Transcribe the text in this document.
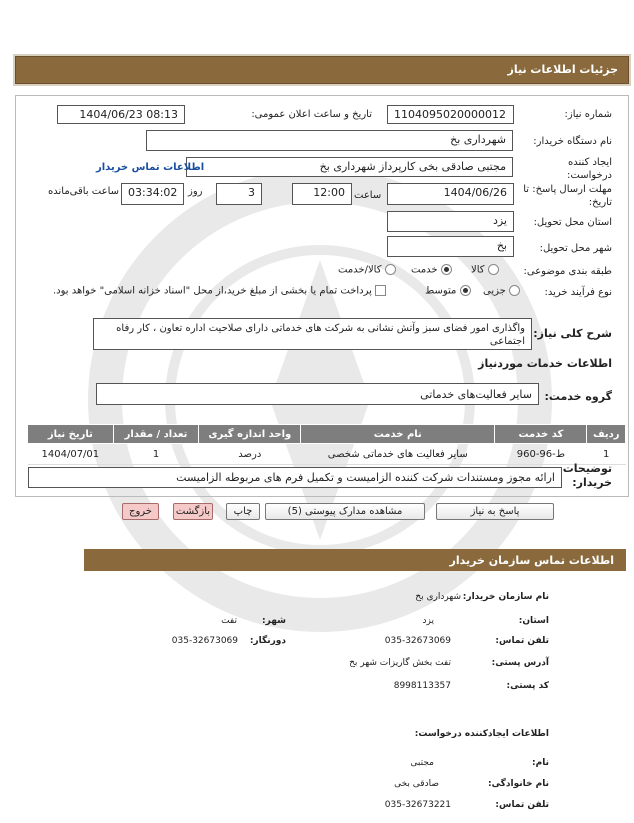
جزئیات اطلاعات نیاز
شماره نیاز:
1104095020000012
تاریخ و ساعت اعلان عمومی:
1404/06/23 08:13
نام دستگاه خریدار:
شهرداری بخ
ایجاد کننده
درخواست:
مجتبی صادقی بخی کارپرداز شهرداری بخ
اطلاعات تماس خریدار
مهلت ارسال پاسخ: تا
تاریخ:
1404/06/26
ساعت
12:00
3
روز
03:34:02
ساعت باقی‌مانده
استان محل تحویل:
یزد
شهر محل تحویل:
بخ
طبقه بندی موضوعی:
کالا
خدمت
کالا/خدمت
نوع فرآیند خرید:
جزیی
متوسط
پرداخت تمام یا بخشی از مبلغ خرید،از محل "اسناد خزانه اسلامی" خواهد بود.
شرح کلی نیاز:
واگذاری امور فضای سبز وآتش نشانی به شرکت های خدماتی دارای صلاحیت اداره تعاون ، کار رفاه اجتماعی
اطلاعات خدمات موردنیاز
گروه خدمت:
سایر فعالیت‌های خدماتی
ردیف	کد خدمت	نام خدمت	واحد اندازه گیری	تعداد / مقدار	تاریخ نیاز
1	ط-96-960	سایر فعالیت های خدماتی شخصی	درصد	1	1404/07/01
توضیحات
خریدار:
ارائه مجوز ومستندات شرکت کننده الزامیست و تکمیل فرم های مربوطه الزامیست
پاسخ به نیاز
مشاهده مدارک پیوستی (5)
چاپ
بازگشت
خروج
اطلاعات تماس سازمان خریدار
نام سازمان خریدار:
شهرداری بخ
استان:
یزد
شهر:
تفت
تلفن تماس:
035-32673069
دورنگار:
035-32673069
آدرس پستی:
تفت بخش گاریزات شهر بخ
کد پستی:
8998113357
اطلاعات ایجادکننده درخواست:
نام:
مجتبی
نام خانوادگی:
صادقی بخی
تلفن تماس:
035-32673221
